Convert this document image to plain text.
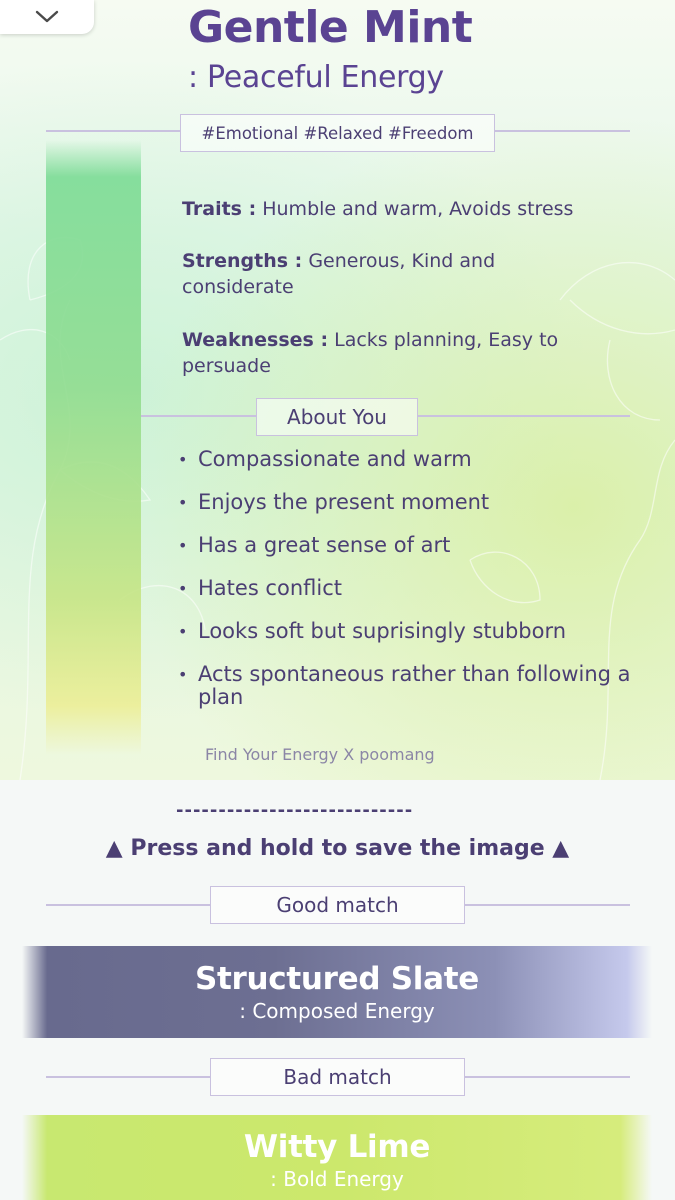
Gentle Mint
: Peaceful Energy
#Emotional #Relaxed #Freedom
Traits : Humble and warm, Avoids stress
Strengths : Generous, Kind and considerate
Weaknesses : Lacks planning, Easy to persuade
About You
• Compassionate and warm
• Enjoys the present moment
• Has a great sense of art
• Hates conflict
• Looks soft but suprisingly stubborn
• Acts spontaneous rather than following a plan
Find Your Energy X poomang
----------------------------
▲ Press and hold to save the image ▲
Good match
Structured Slate
: Composed Energy
Bad match
Witty Lime
: Bold Energy
